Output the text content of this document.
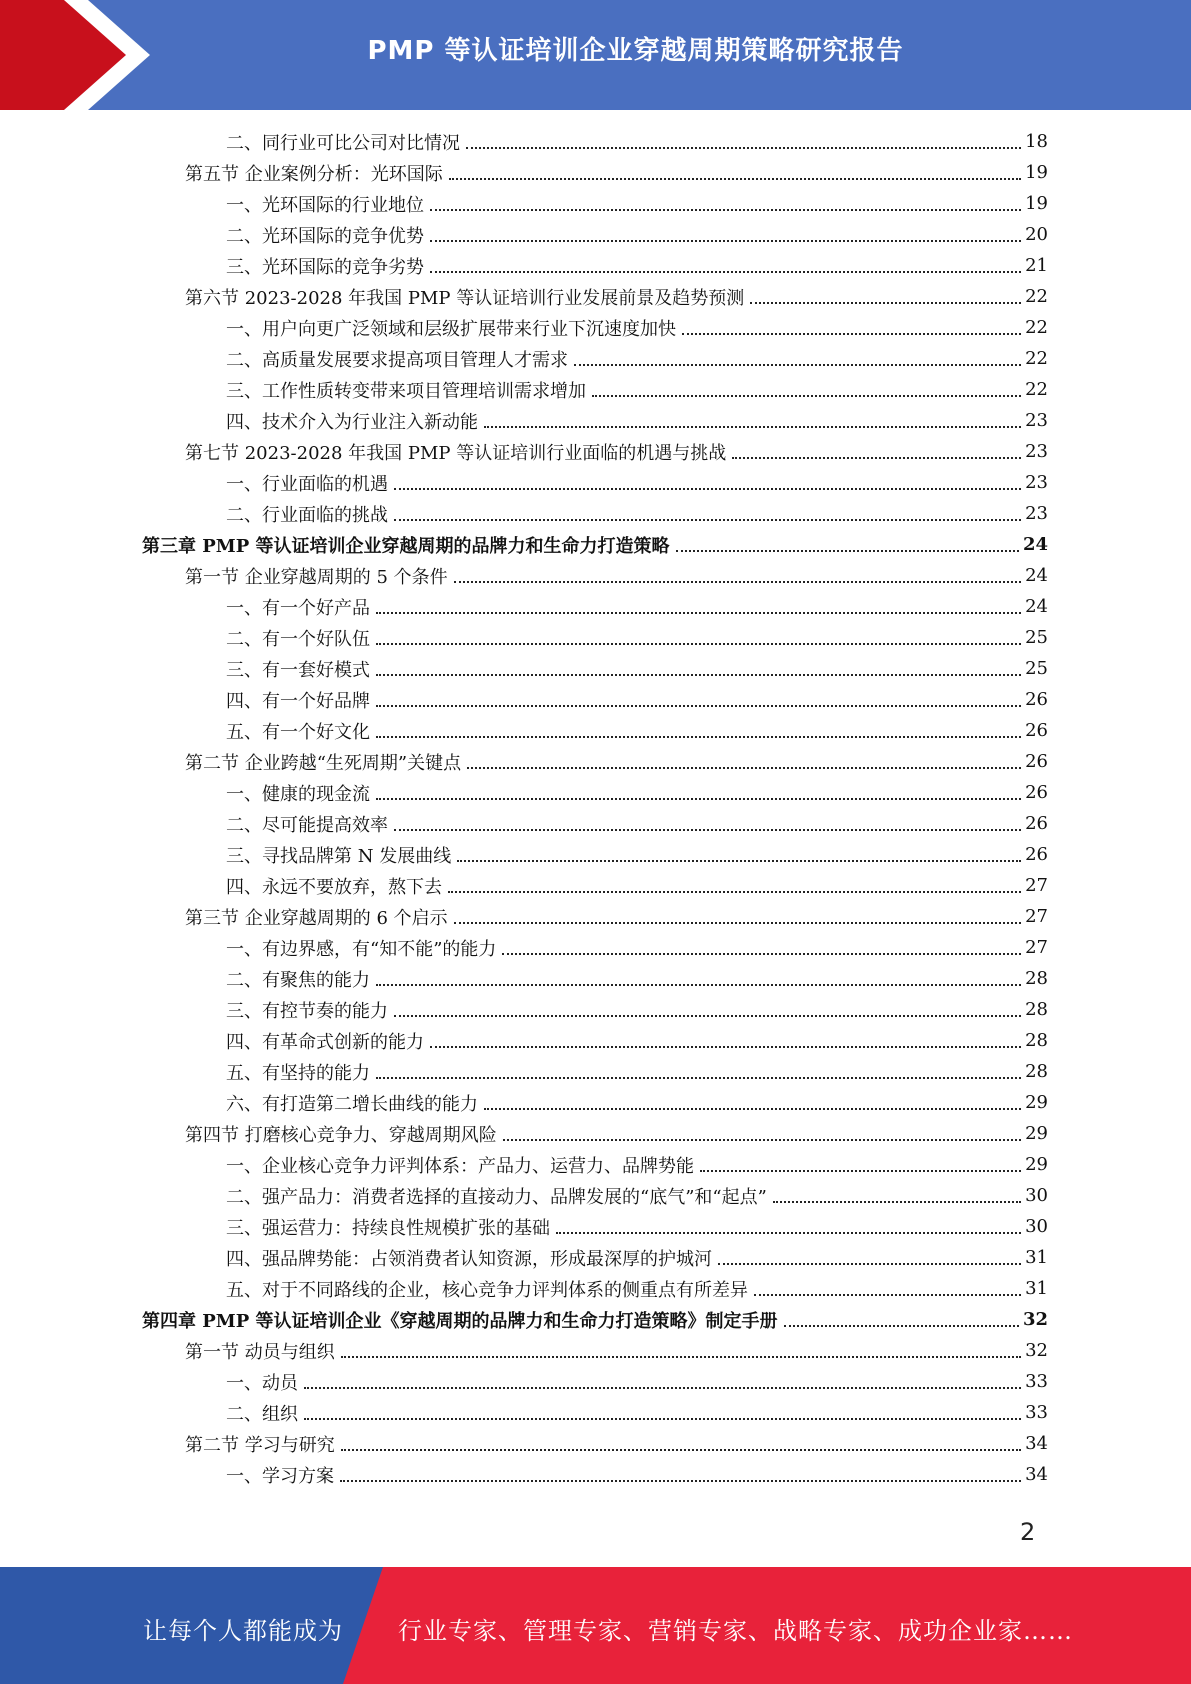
PMP 等认证培训企业穿越周期策略研究报告
二、同行业可比公司对比情况	18
第五节 企业案例分析：光环国际	19
一、光环国际的行业地位	19
二、光环国际的竞争优势	20
三、光环国际的竞争劣势	21
第六节 2023-2028 年我国 PMP 等认证培训行业发展前景及趋势预测	22
一、用户向更广泛领域和层级扩展带来行业下沉速度加快	22
二、高质量发展要求提高项目管理人才需求	22
三、工作性质转变带来项目管理培训需求增加	22
四、技术介入为行业注入新动能	23
第七节 2023-2028 年我国 PMP 等认证培训行业面临的机遇与挑战	23
一、行业面临的机遇	23
二、行业面临的挑战	23
第三章 PMP 等认证培训企业穿越周期的品牌力和生命力打造策略	24
第一节 企业穿越周期的 5 个条件	24
一、有一个好产品	24
二、有一个好队伍	25
三、有一套好模式	25
四、有一个好品牌	26
五、有一个好文化	26
第二节 企业跨越“生死周期”关键点	26
一、健康的现金流	26
二、尽可能提高效率	26
三、寻找品牌第 N 发展曲线	26
四、永远不要放弃，熬下去	27
第三节 企业穿越周期的 6 个启示	27
一、有边界感，有“知不能”的能力	27
二、有聚焦的能力	28
三、有控节奏的能力	28
四、有革命式创新的能力	28
五、有坚持的能力	28
六、有打造第二增长曲线的能力	29
第四节 打磨核心竞争力、穿越周期风险	29
一、企业核心竞争力评判体系：产品力、运营力、品牌势能	29
二、强产品力：消费者选择的直接动力、品牌发展的“底气”和“起点”	30
三、强运营力：持续良性规模扩张的基础	30
四、强品牌势能：占领消费者认知资源，形成最深厚的护城河	31
五、对于不同路线的企业，核心竞争力评判体系的侧重点有所差异	31
第四章 PMP 等认证培训企业《穿越周期的品牌力和生命力打造策略》制定手册	32
第一节 动员与组织	32
一、动员	33
二、组织	33
第二节 学习与研究	34
一、学习方案	34
2
让每个人都能成为 行业专家、管理专家、营销专家、战略专家、成功企业家……
